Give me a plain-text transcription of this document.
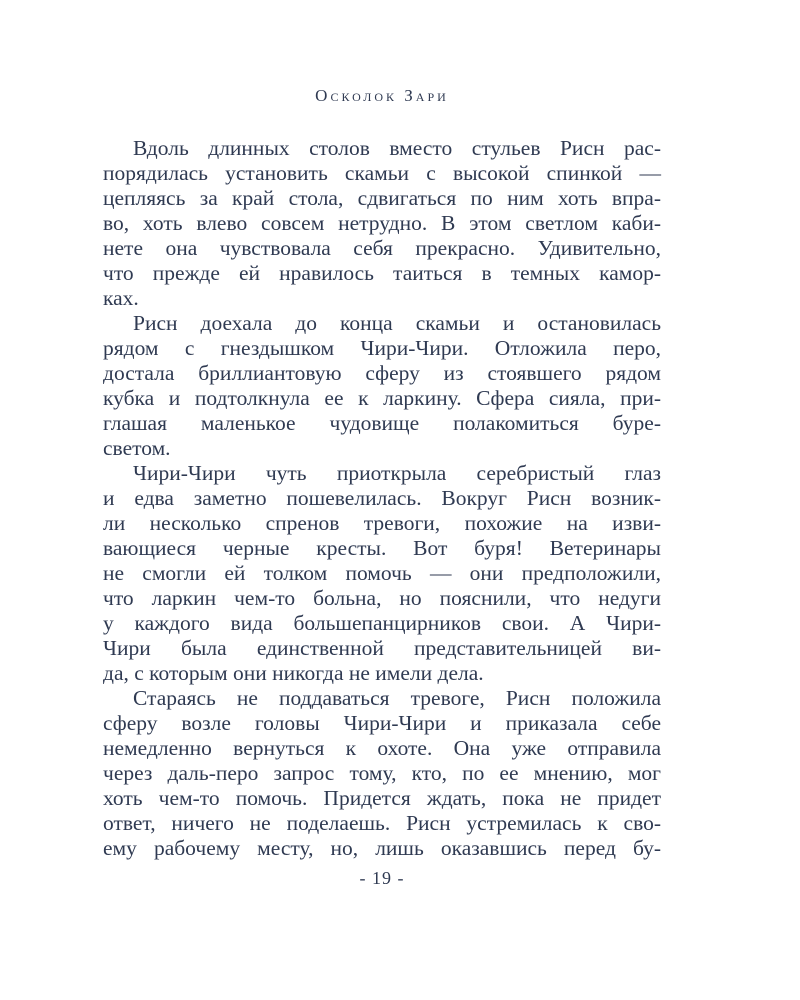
Осколок Зари
Вдоль длинных столов вместо стульев Рисн рас-
порядилась установить скамьи с высокой спинкой —
цепляясь за край стола, сдвигаться по ним хоть впра-
во, хоть влево совсем нетрудно. В этом светлом каби-
нете она чувствовала себя прекрасно. Удивительно,
что прежде ей нравилось таиться в темных камор-
ках.
Рисн доехала до конца скамьи и остановилась
рядом с гнездышком Чири-Чири. Отложила перо,
достала бриллиантовую сферу из стоявшего рядом
кубка и подтолкнула ее к ларкину. Сфера сияла, при-
глашая маленькое чудовище полакомиться буре-
светом.
Чири-Чири чуть приоткрыла серебристый глаз
и едва заметно пошевелилась. Вокруг Рисн возник-
ли несколько спренов тревоги, похожие на изви-
вающиеся черные кресты. Вот буря! Ветеринары
не смогли ей толком помочь — они предположили,
что ларкин чем-то больна, но пояснили, что недуги
у каждого вида большепанцирников свои. А Чири-
Чири была единственной представительницей ви-
да, с которым они никогда не имели дела.
Стараясь не поддаваться тревоге, Рисн положила
сферу возле головы Чири-Чири и приказала себе
немедленно вернуться к охоте. Она уже отправила
через даль-перо запрос тому, кто, по ее мнению, мог
хоть чем-то помочь. Придется ждать, пока не придет
ответ, ничего не поделаешь. Рисн устремилась к сво-
ему рабочему месту, но, лишь оказавшись перед бу-
- 19 -
